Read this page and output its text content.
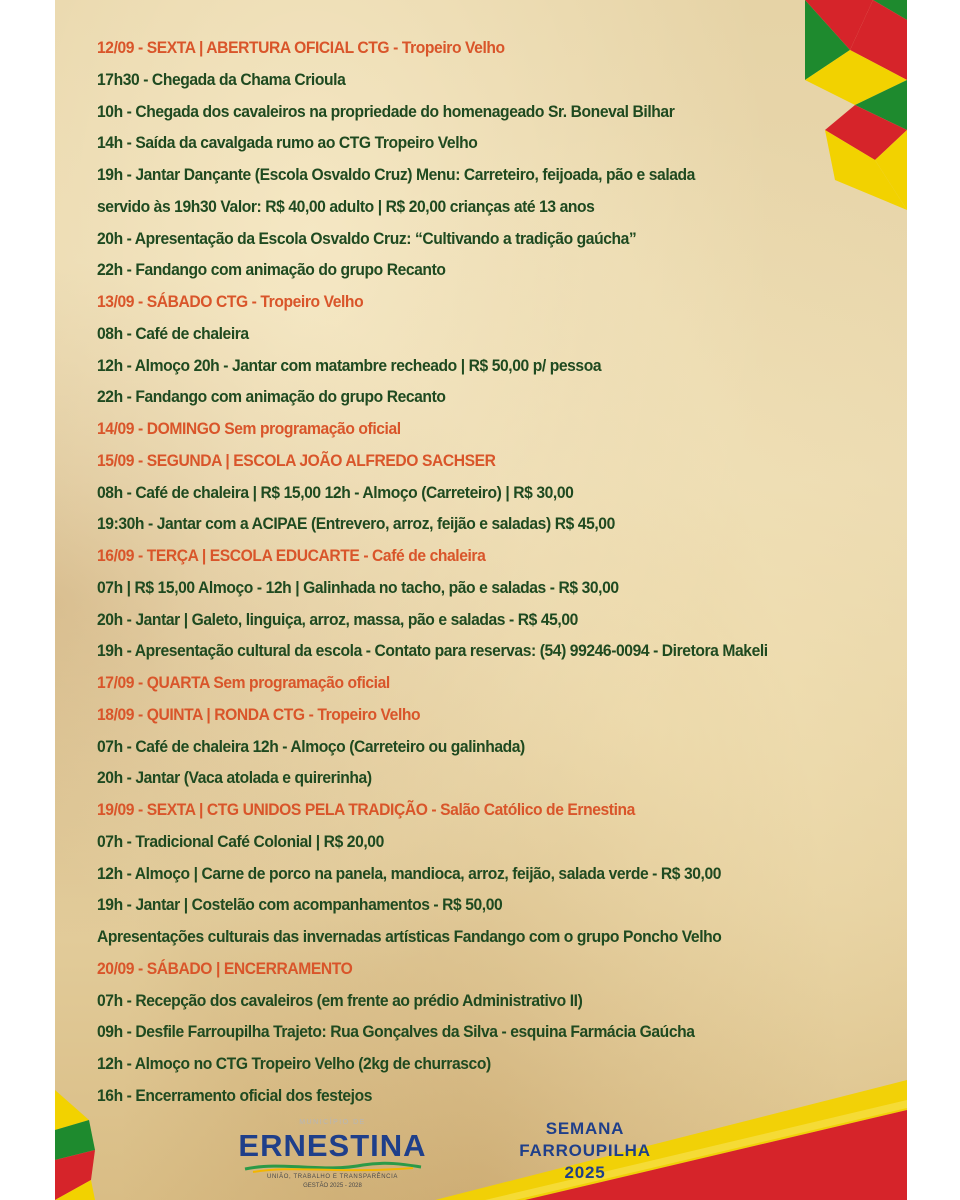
12/09 - SEXTA | ABERTURA OFICIAL CTG - Tropeiro Velho
17h30 - Chegada da Chama Crioula
10h - Chegada dos cavaleiros na propriedade do homenageado Sr. Boneval Bilhar
14h - Saída da cavalgada rumo ao CTG Tropeiro Velho
19h - Jantar Dançante (Escola Osvaldo Cruz) Menu: Carreteiro, feijoada, pão e salada
servido às 19h30 Valor: R$ 40,00 adulto | R$ 20,00 crianças até 13 anos
20h - Apresentação da Escola Osvaldo Cruz: “Cultivando a tradição gaúcha”
22h - Fandango com animação do grupo Recanto
13/09 - SÁBADO CTG - Tropeiro Velho
08h - Café de chaleira
12h - Almoço 20h - Jantar com matambre recheado | R$ 50,00 p/ pessoa
22h - Fandango com animação do grupo Recanto
14/09 - DOMINGO Sem programação oficial
15/09 - SEGUNDA | ESCOLA JOÃO ALFREDO SACHSER
08h - Café de chaleira | R$ 15,00 12h - Almoço (Carreteiro) | R$ 30,00
19:30h - Jantar com a ACIPAE (Entrevero, arroz, feijão e saladas) R$ 45,00
16/09 - TERÇA | ESCOLA EDUCARTE - Café de chaleira
07h | R$ 15,00 Almoço - 12h | Galinhada no tacho, pão e saladas - R$ 30,00
20h - Jantar | Galeto, linguiça, arroz, massa, pão e saladas - R$ 45,00
19h - Apresentação cultural da escola - Contato para reservas: (54) 99246-0094 - Diretora Makeli
17/09 - QUARTA Sem programação oficial
18/09 - QUINTA | RONDA CTG - Tropeiro Velho
07h - Café de chaleira 12h - Almoço (Carreteiro ou galinhada)
20h - Jantar (Vaca atolada e quirerinha)
19/09 - SEXTA | CTG UNIDOS PELA TRADIÇÃO - Salão Católico de Ernestina
07h - Tradicional Café Colonial | R$ 20,00
12h - Almoço | Carne de porco na panela, mandioca, arroz, feijão, salada verde - R$ 30,00
19h - Jantar | Costelão com acompanhamentos - R$ 50,00
Apresentações culturais das invernadas artísticas Fandango com o grupo Poncho Velho
20/09 - SÁBADO | ENCERRAMENTO
07h - Recepção dos cavaleiros (em frente ao prédio Administrativo II)
09h - Desfile Farroupilha Trajeto: Rua Gonçalves da Silva - esquina Farmácia Gaúcha
12h - Almoço no CTG Tropeiro Velho (2kg de churrasco)
16h - Encerramento oficial dos festejos
MUNICÍPIO DE
ERNESTINA
UNIÃO, TRABALHO E TRANSPARÊNCIA
GESTÃO 2025 - 2028
SEMANA
FARROUPILHA
2025
